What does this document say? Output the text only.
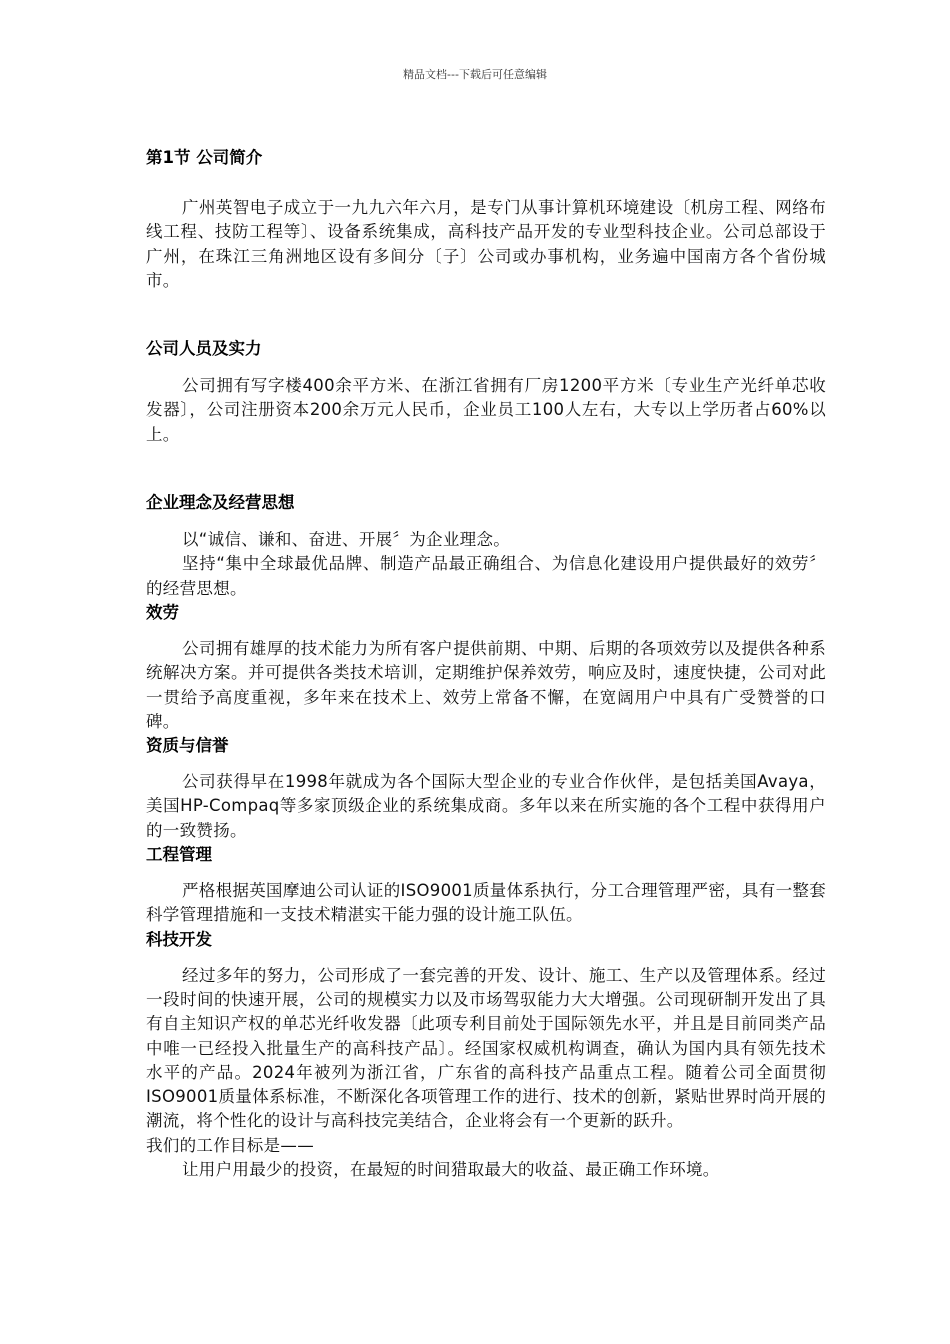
精品文档---下载后可任意编辑
第1节 公司简介

广州英智电子成立于一九九六年六月，是专门从事计算机环境建设〔机房工程、网络布线工程、技防工程等〕、设备系统集成，高科技产品开发的专业型科技企业。公司总部设于广州，在珠江三角洲地区设有多间分〔子〕公司或办事机构，业务遍中国南方各个省份城市。

公司人员及实力

公司拥有写字楼400余平方米、在浙江省拥有厂房1200平方米〔专业生产光纤单芯收发器〕，公司注册资本200余万元人民币，企业员工100人左右，大专以上学历者占60%以上。

企业理念及经营思想

以“诚信、谦和、奋进、开展〞为企业理念。

坚持“集中全球最优品牌、制造产品最正确组合、为信息化建设用户提供最好的效劳〞的经营思想。

效劳

公司拥有雄厚的技术能力为所有客户提供前期、中期、后期的各项效劳以及提供各种系统解决方案。并可提供各类技术培训，定期维护保养效劳，响应及时，速度快捷，公司对此一贯给予高度重视，多年来在技术上、效劳上常备不懈，在宽阔用户中具有广受赞誉的口碑。

资质与信誉

公司获得早在1998年就成为各个国际大型企业的专业合作伙伴，是包括美国Avaya，美国HP-Compaq等多家顶级企业的系统集成商。多年以来在所实施的各个工程中获得用户的一致赞扬。

工程管理

严格根据英国摩迪公司认证的ISO9001质量体系执行，分工合理管理严密，具有一整套科学管理措施和一支技术精湛实干能力强的设计施工队伍。

科技开发

经过多年的努力，公司形成了一套完善的开发、设计、施工、生产以及管理体系。经过一段时间的快速开展，公司的规模实力以及市场驾驭能力大大增强。公司现研制开发出了具有自主知识产权的单芯光纤收发器〔此项专利目前处于国际领先水平，并且是目前同类产品中唯一已经投入批量生产的高科技产品〕。经国家权威机构调查，确认为国内具有领先技术水平的产品。2024年被列为浙江省，广东省的高科技产品重点工程。随着公司全面贯彻ISO9001质量体系标准，不断深化各项管理工作的进行、技术的创新，紧贴世界时尚开展的潮流，将个性化的设计与高科技完美结合，企业将会有一个更新的跃升。

我们的工作目标是——

让用户用最少的投资，在最短的时间猎取最大的收益、最正确工作环境。
